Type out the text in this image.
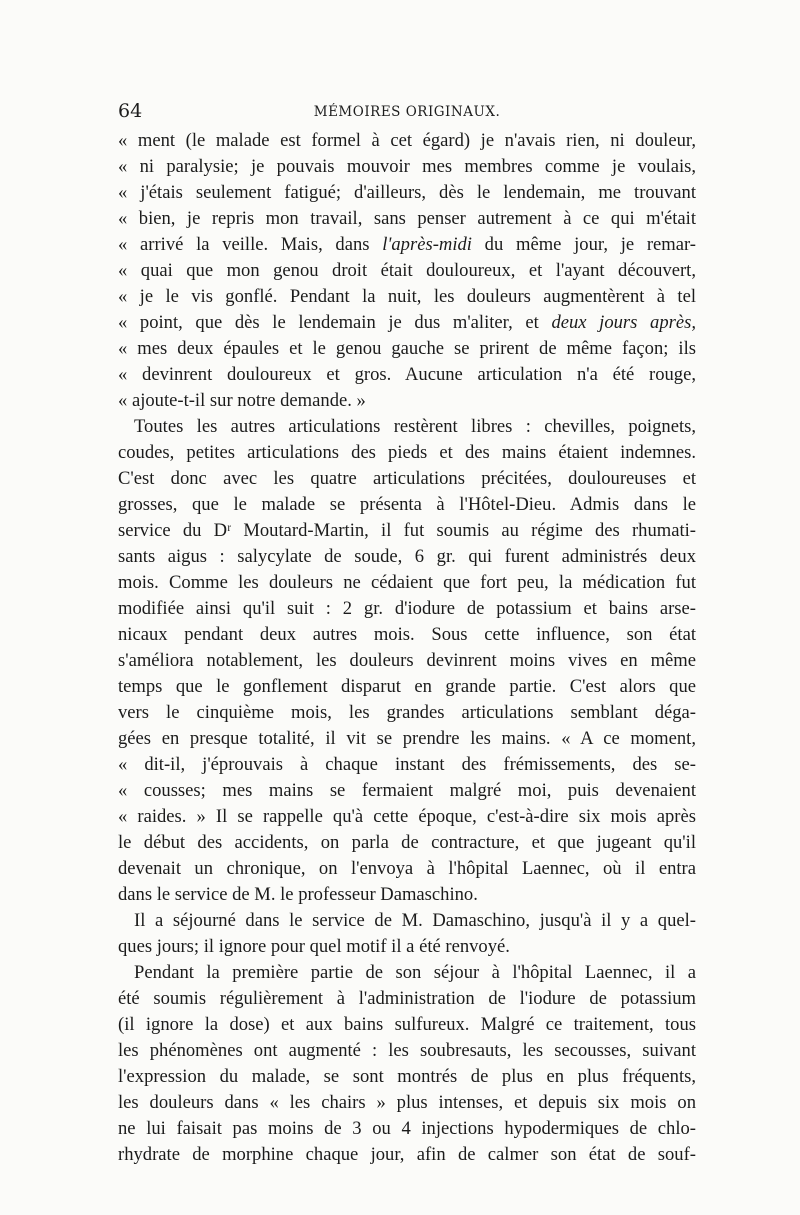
64	MÉMOIRES ORIGINAUX.
« ment (le malade est formel à cet égard) je n'avais rien, ni douleur,
« ni paralysie; je pouvais mouvoir mes membres comme je voulais,
« j'étais seulement fatigué; d'ailleurs, dès le lendemain, me trouvant
« bien, je repris mon travail, sans penser autrement à ce qui m'était
« arrivé la veille. Mais, dans l'après-midi du même jour, je remar-
« quai que mon genou droit était douloureux, et l'ayant découvert,
« je le vis gonflé. Pendant la nuit, les douleurs augmentèrent à tel
« point, que dès le lendemain je dus m'aliter, et deux jours après,
« mes deux épaules et le genou gauche se prirent de même façon; ils
« devinrent douloureux et gros. Aucune articulation n'a été rouge,
« ajoute-t-il sur notre demande. »
Toutes les autres articulations restèrent libres : chevilles, poignets,
coudes, petites articulations des pieds et des mains étaient indemnes.
C'est donc avec les quatre articulations précitées, douloureuses et
grosses, que le malade se présenta à l'Hôtel-Dieu. Admis dans le
service du Dʳ Moutard-Martin, il fut soumis au régime des rhumati-
sants aigus : salycylate de soude, 6 gr. qui furent administrés deux
mois. Comme les douleurs ne cédaient que fort peu, la médication fut
modifiée ainsi qu'il suit : 2 gr. d'iodure de potassium et bains arse-
nicaux pendant deux autres mois. Sous cette influence, son état
s'améliora notablement, les douleurs devinrent moins vives en même
temps que le gonflement disparut en grande partie. C'est alors que
vers le cinquième mois, les grandes articulations semblant déga-
gées en presque totalité, il vit se prendre les mains. « A ce moment,
« dit-il, j'éprouvais à chaque instant des frémissements, des se-
« cousses; mes mains se fermaient malgré moi, puis devenaient
« raides. » Il se rappelle qu'à cette époque, c'est-à-dire six mois après
le début des accidents, on parla de contracture, et que jugeant qu'il
devenait un chronique, on l'envoya à l'hôpital Laennec, où il entra
dans le service de M. le professeur Damaschino.
Il a séjourné dans le service de M. Damaschino, jusqu'à il y a quel-
ques jours; il ignore pour quel motif il a été renvoyé.
Pendant la première partie de son séjour à l'hôpital Laennec, il a
été soumis régulièrement à l'administration de l'iodure de potassium
(il ignore la dose) et aux bains sulfureux. Malgré ce traitement, tous
les phénomènes ont augmenté : les soubresauts, les secousses, suivant
l'expression du malade, se sont montrés de plus en plus fréquents,
les douleurs dans « les chairs » plus intenses, et depuis six mois on
ne lui faisait pas moins de 3 ou 4 injections hypodermiques de chlo-
rhydrate de morphine chaque jour, afin de calmer son état de souf-
